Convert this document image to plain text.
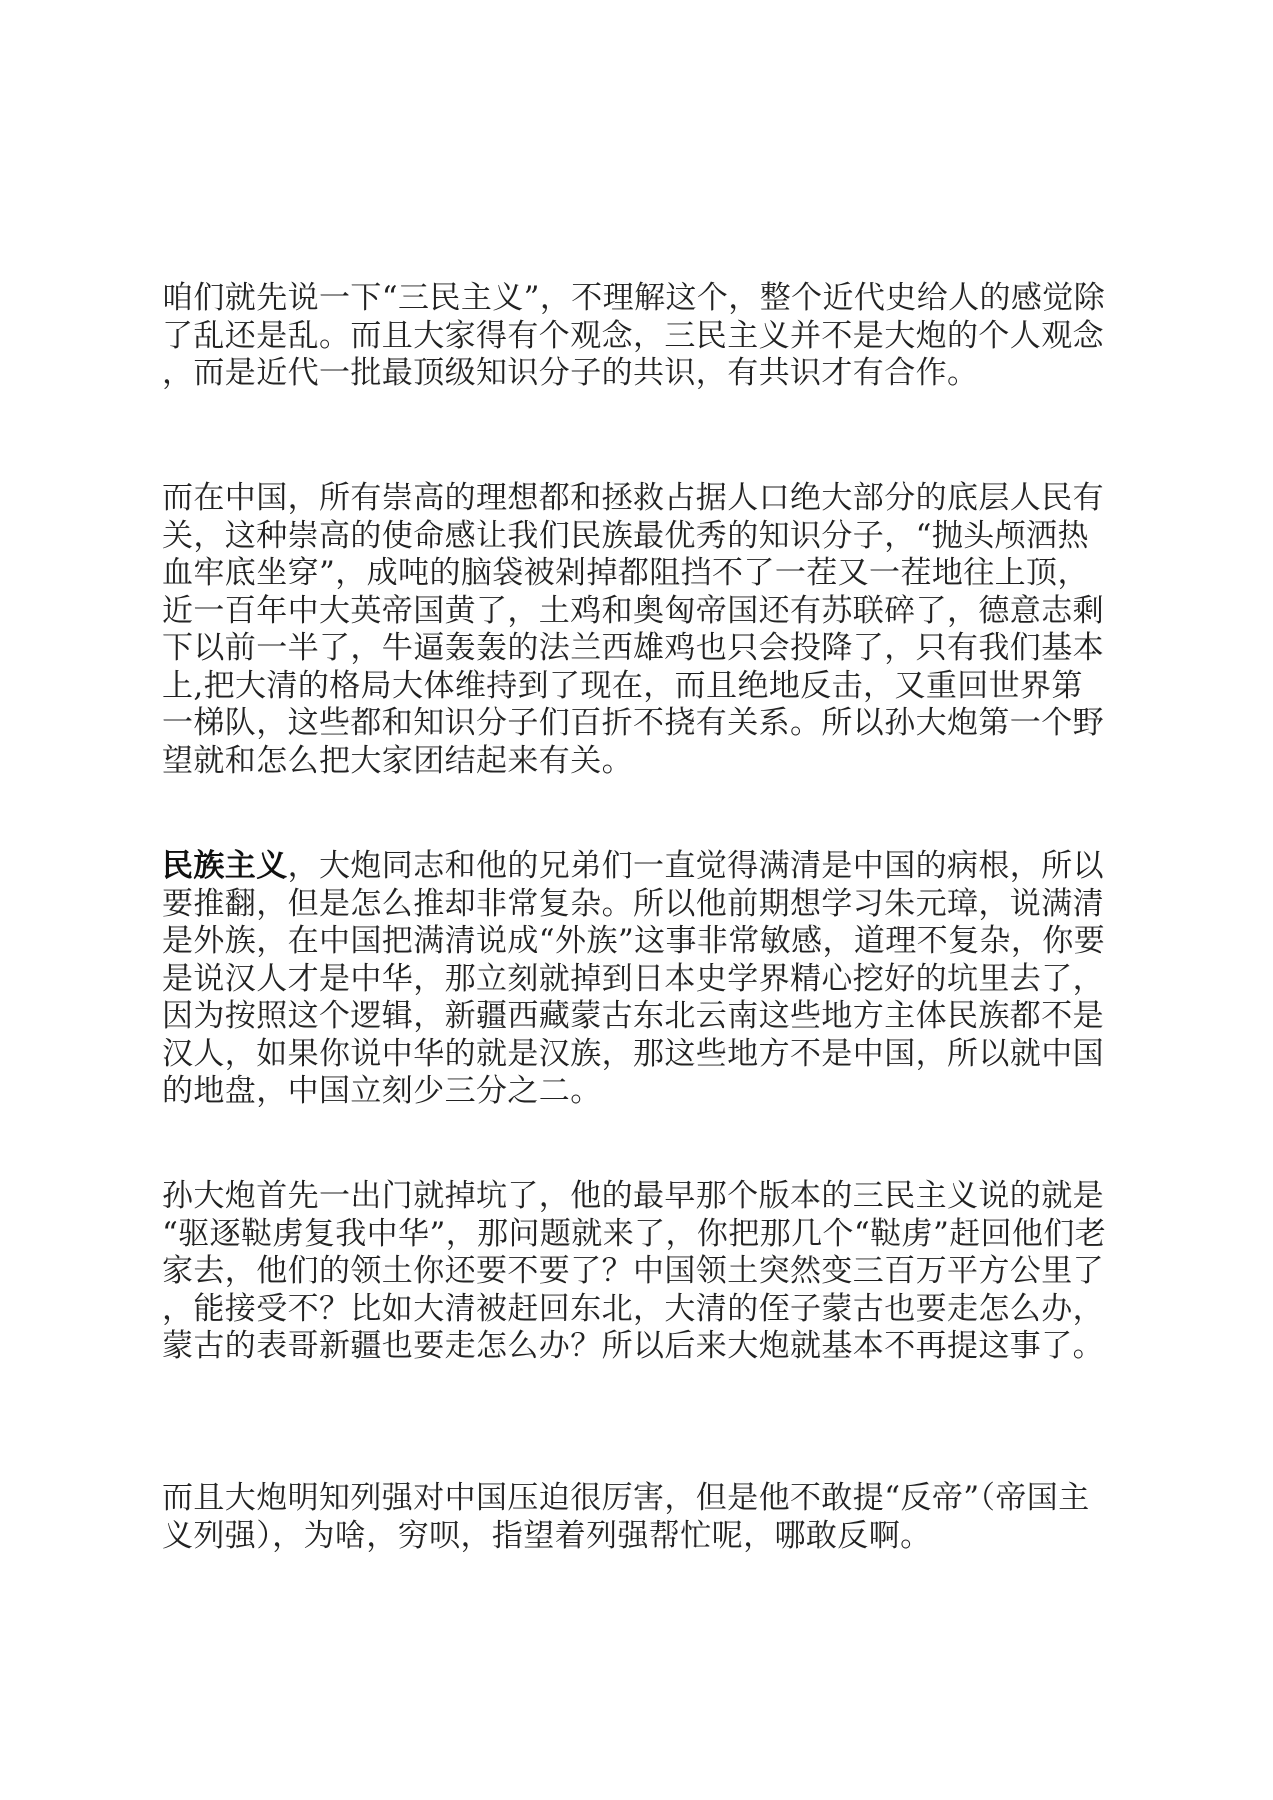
咱们就先说一下“三民主义”，不理解这个，整个近代史给人的感觉除了乱还是乱。而且大家得有个观念，三民主义并不是大炮的个人观念，而是近代一批最顶级知识分子的共识，有共识才有合作。

而在中国，所有崇高的理想都和拯救占据人口绝大部分的底层人民有关，这种崇高的使命感让我们民族最优秀的知识分子，“抛头颅洒热血牢底坐穿”，成吨的脑袋被剁掉都阻挡不了一茬又一茬地往上顶，近一百年中大英帝国黄了，土鸡和奥匈帝国还有苏联碎了，德意志剩下以前一半了，牛逼轰轰的法兰西雄鸡也只会投降了，只有我们基本上,把大清的格局大体维持到了现在，而且绝地反击，又重回世界第一梯队，这些都和知识分子们百折不挠有关系。所以孙大炮第一个野望就和怎么把大家团结起来有关。

民族主义，大炮同志和他的兄弟们一直觉得满清是中国的病根，所以要推翻，但是怎么推却非常复杂。所以他前期想学习朱元璋，说满清是外族，在中国把满清说成“外族”这事非常敏感，道理不复杂，你要是说汉人才是中华，那立刻就掉到日本史学界精心挖好的坑里去了，因为按照这个逻辑，新疆西藏蒙古东北云南这些地方主体民族都不是汉人，如果你说中华的就是汉族，那这些地方不是中国，所以就中国的地盘，中国立刻少三分之二。

孙大炮首先一出门就掉坑了，他的最早那个版本的三民主义说的就是“驱逐鞑虏复我中华”，那问题就来了，你把那几个“鞑虏”赶回他们老家去，他们的领土你还要不要了？中国领土突然变三百万平方公里了，能接受不？比如大清被赶回东北，大清的侄子蒙古也要走怎么办，蒙古的表哥新疆也要走怎么办？所以后来大炮就基本不再提这事了。

而且大炮明知列强对中国压迫很厉害，但是他不敢提“反帝”（帝国主义列强），为啥，穷呗，指望着列强帮忙呢，哪敢反啊。
